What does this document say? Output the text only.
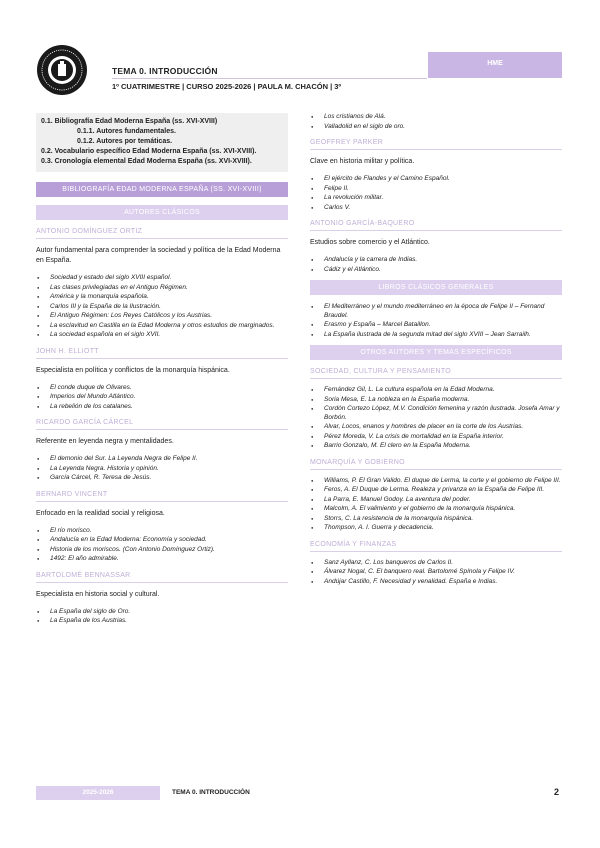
TEMA 0. INTRODUCCIÓN
1º CUATRIMESTRE | CURSO 2025-2026 | PAULA M. CHACÓN | 3º
HME
0.1. Bibliografía Edad Moderna España (ss. XVI-XVIII)
0.1.1. Autores fundamentales.
0.1.2. Autores por temáticas.
0.2. Vocabulario específico Edad Moderna España (ss. XVI-XVIII).
0.3. Cronología elemental Edad Moderna España (ss. XVI-XVIII).
BIBLIOGRAFÍA EDAD MODERNA ESPAÑA (SS. XVI-XVIII)
AUTORES CLÁSICOS
ANTONIO DOMÍNGUEZ ORTIZ
Autor fundamental para comprender la sociedad y política de la Edad Moderna en España.
● Sociedad y estado del siglo XVIII español.
● Las clases privilegiadas en el Antiguo Régimen.
● América y la monarquía española.
● Carlos III y la España de la Ilustración.
● El Antiguo Régimen: Los Reyes Católicos y los Austrias.
● La esclavitud en Castilla en la Edad Moderna y otros estudios de marginados.
● La sociedad española en el siglo XVII.
JOHN H. ELLIOTT
Especialista en política y conflictos de la monarquía hispánica.
● El conde duque de Olivares.
● Imperios del Mundo Atlántico.
● La rebelión de los catalanes.
RICARDO GARCÍA CÁRCEL
Referente en leyenda negra y mentalidades.
● El demonio del Sur. La Leyenda Negra de Felipe II.
● La Leyenda Negra. Historia y opinión.
● García Cárcel, R. Teresa de Jesús.
BERNARD VINCENT
Enfocado en la realidad social y religiosa.
● El río morisco.
● Andalucía en la Edad Moderna: Economía y sociedad.
● Historia de los moriscos. (Con Antonio Domínguez Ortiz).
● 1492: El año admirable.
BARTOLOMÉ BENNASSAR
Especialista en historia social y cultural.
● La España del siglo de Oro.
● La España de los Austrias.
● Los cristianos de Alá.
● Valladolid en el siglo de oro.
GEOFFREY PARKER
Clave en historia militar y política.
● El ejército de Flandes y el Camino Español.
● Felipe II.
● La revolución militar.
● Carlos V.
ANTONIO GARCÍA-BAQUERO
Estudios sobre comercio y el Atlántico.
● Andalucía y la carrera de Indias.
● Cádiz y el Atlántico.
LIBROS CLÁSICOS GENERALES
● El Mediterráneo y el mundo mediterráneo en la época de Felipe II – Fernand Braudel.
● Erasmo y España – Marcel Bataillon.
● La España ilustrada de la segunda mitad del siglo XVIII – Jean Sarrailh.
OTROS AUTORES Y TEMAS ESPECÍFICOS
SOCIEDAD, CULTURA Y PENSAMIENTO
● Fernández Gil, L. La cultura española en la Edad Moderna.
● Soria Mesa, E. La nobleza en la España moderna.
● Cordón Cortezo López, M.V. Condición femenina y razón ilustrada. Josefa Amar y Borbón.
● Alvar, Locos, enanos y hombres de placer en la corte de los Austrias.
● Pérez Moreda, V. La crisis de mortalidad en la España interior.
● Barrio Gonzalo, M. El clero en la España Moderna.
MONARQUÍA Y GOBIERNO
● Williams, P. El Gran Valido. El duque de Lerma, la corte y el gobierno de Felipe III.
● Feros, A. El Duque de Lerma. Realeza y privanza en la España de Felipe III.
● La Parra, E. Manuel Godoy. La aventura del poder.
● Malcolm, A. El valimiento y el gobierno de la monarquía hispánica.
● Storrs, C. La resistencia de la monarquía hispánica.
● Thompson, A. I. Guerra y decadencia.
ECONOMÍA Y FINANZAS
● Sanz Ayllanz, C. Los banqueros de Carlos II.
● Álvarez Nogal, C. El banquero real. Bartolomé Spínola y Felipe IV.
● Andújar Castillo, F. Necesidad y venalidad. España e Indias.
2025-2026	TEMA 0. INTRODUCCIÓN	2
